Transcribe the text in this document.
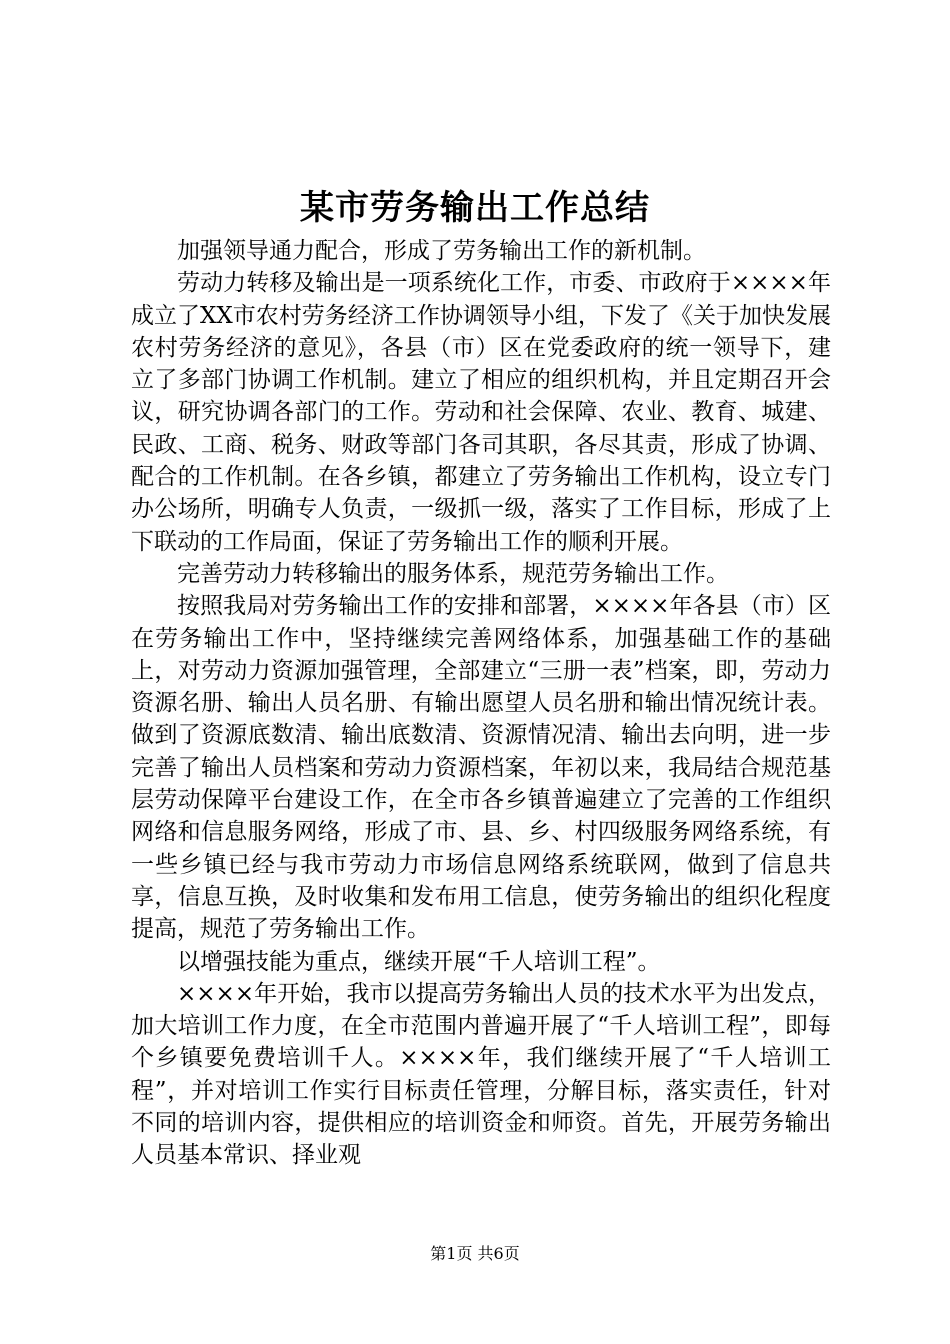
某市劳务输出工作总结

加强领导通力配合，形成了劳务输出工作的新机制。

劳动力转移及输出是一项系统化工作，市委、市政府于××××年成立了XX市农村劳务经济工作协调领导小组，下发了《关于加快发展农村劳务经济的意见》，各县（市）区在党委政府的统一领导下，建立了多部门协调工作机制。建立了相应的组织机构，并且定期召开会议，研究协调各部门的工作。劳动和社会保障、农业、教育、城建、民政、工商、税务、财政等部门各司其职，各尽其责，形成了协调、配合的工作机制。在各乡镇，都建立了劳务输出工作机构，设立专门办公场所，明确专人负责，一级抓一级，落实了工作目标，形成了上下联动的工作局面，保证了劳务输出工作的顺利开展。

完善劳动力转移输出的服务体系，规范劳务输出工作。

按照我局对劳务输出工作的安排和部署，××××年各县（市）区在劳务输出工作中，坚持继续完善网络体系，加强基础工作的基础上，对劳动力资源加强管理，全部建立“三册一表”档案，即，劳动力资源名册、输出人员名册、有输出愿望人员名册和输出情况统计表。做到了资源底数清、输出底数清、资源情况清、输出去向明，进一步完善了输出人员档案和劳动力资源档案，年初以来，我局结合规范基层劳动保障平台建设工作，在全市各乡镇普遍建立了完善的工作组织网络和信息服务网络，形成了市、县、乡、村四级服务网络系统，有一些乡镇已经与我市劳动力市场信息网络系统联网，做到了信息共享，信息互换，及时收集和发布用工信息，使劳务输出的组织化程度提高，规范了劳务输出工作。

以增强技能为重点，继续开展“千人培训工程”。

××××年开始，我市以提高劳务输出人员的技术水平为出发点，加大培训工作力度，在全市范围内普遍开展了“千人培训工程”，即每个乡镇要免费培训千人。××××年，我们继续开展了“千人培训工程”，并对培训工作实行目标责任管理，分解目标，落实责任，针对不同的培训内容，提供相应的培训资金和师资。首先，开展劳务输出人员基本常识、择业观

第1页 共6页
